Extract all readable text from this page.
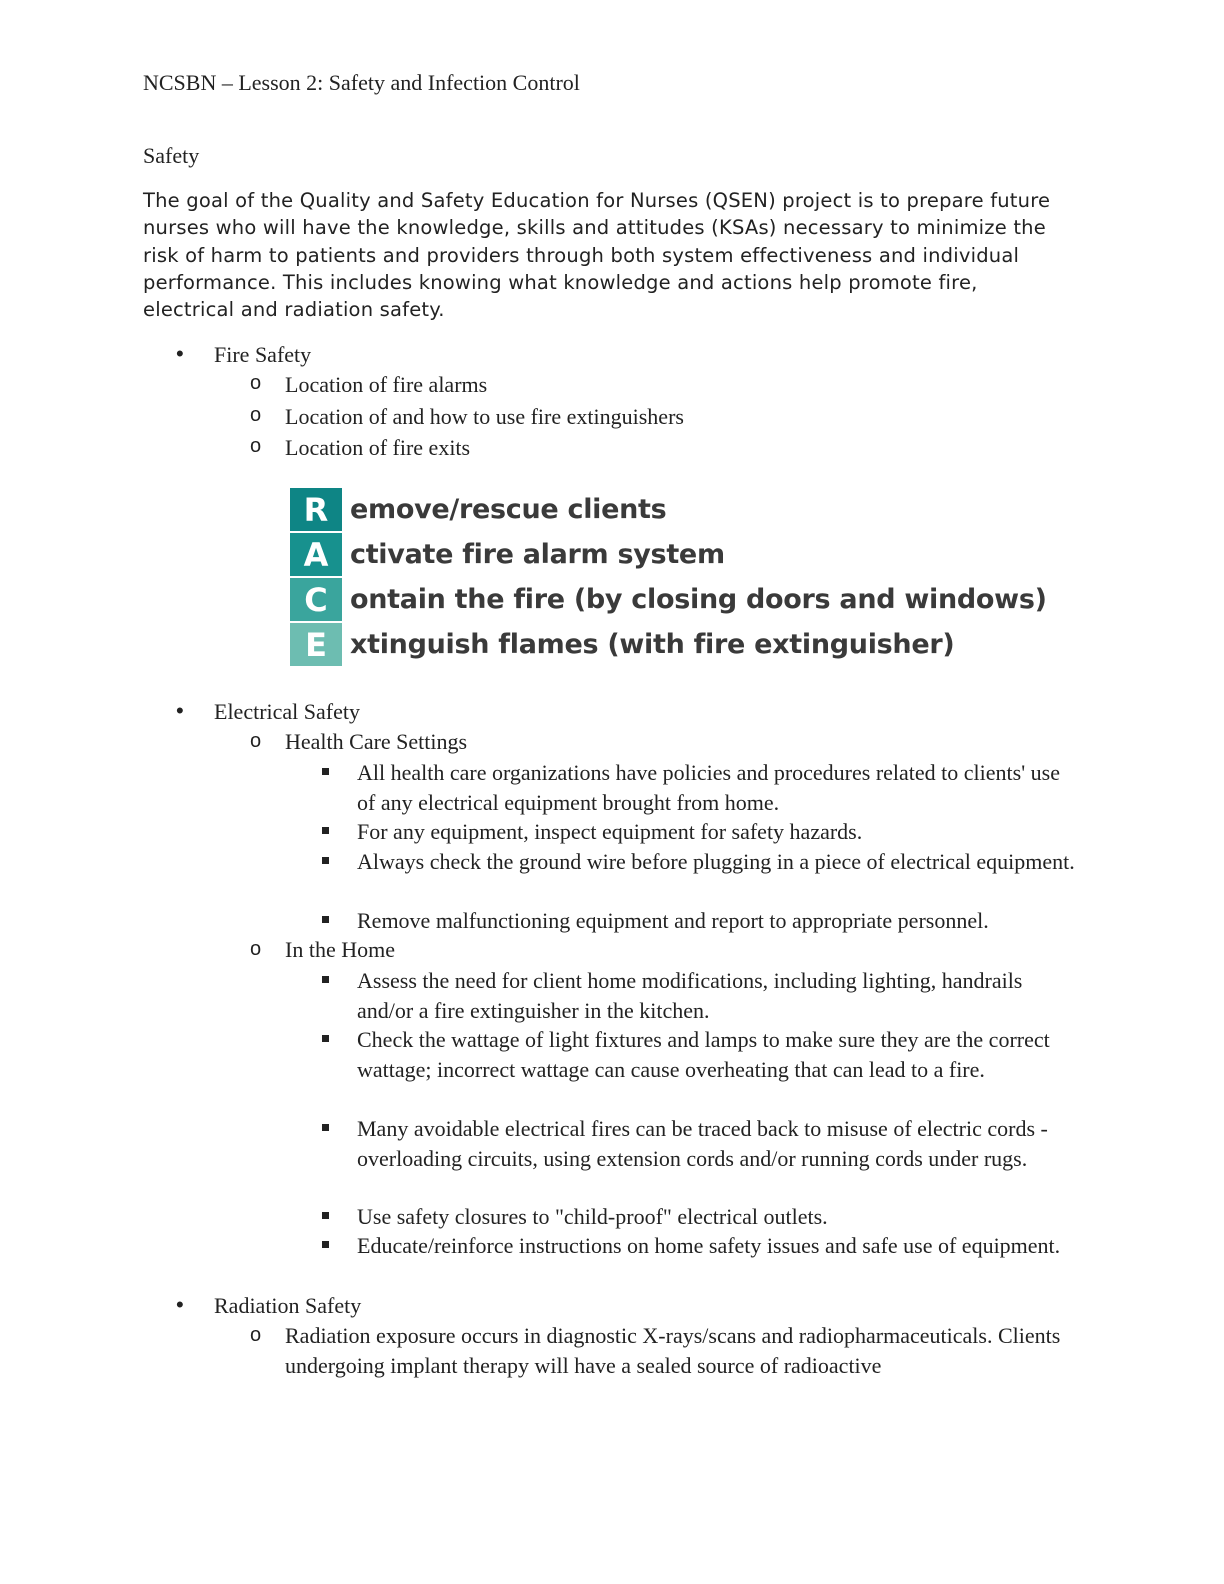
NCSBN – Lesson 2: Safety and Infection Control
Safety
The goal of the Quality and Safety Education for Nurses (QSEN) project is to prepare future nurses who will have the knowledge, skills and attitudes (KSAs) necessary to minimize the risk of harm to patients and providers through both system effectiveness and individual performance. This includes knowing what knowledge and actions help promote fire, electrical and radiation safety.
• Fire Safety
o Location of fire alarms
o Location of and how to use fire extinguishers
o Location of fire exits
R emove/rescue clients
A ctivate fire alarm system
C ontain the fire (by closing doors and windows)
E xtinguish flames (with fire extinguisher)
• Electrical Safety
o Health Care Settings
All health care organizations have policies and procedures related to clients' use of any electrical equipment brought from home.
For any equipment, inspect equipment for safety hazards.
Always check the ground wire before plugging in a piece of electrical equipment.
Remove malfunctioning equipment and report to appropriate personnel.
o In the Home
Assess the need for client home modifications, including lighting, handrails and/or a fire extinguisher in the kitchen.
Check the wattage of light fixtures and lamps to make sure they are the correct wattage; incorrect wattage can cause overheating that can lead to a fire.
Many avoidable electrical fires can be traced back to misuse of electric cords - overloading circuits, using extension cords and/or running cords under rugs.
Use safety closures to "child-proof" electrical outlets.
Educate/reinforce instructions on home safety issues and safe use of equipment.
• Radiation Safety
o Radiation exposure occurs in diagnostic X-rays/scans and radiopharmaceuticals. Clients undergoing implant therapy will have a sealed source of radioactive
